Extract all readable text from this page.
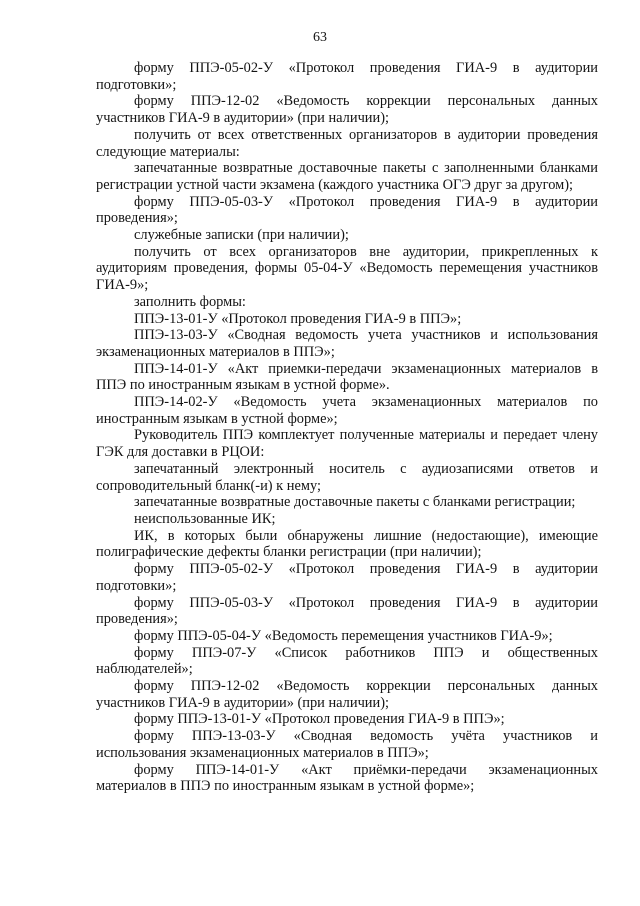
63

форму ППЭ-05-02-У «Протокол проведения ГИА-9 в аудитории подготовки»;

форму ППЭ-12-02 «Ведомость коррекции персональных данных участников ГИА-9 в аудитории» (при наличии);

получить от всех ответственных организаторов в аудитории проведения следующие материалы:

запечатанные возвратные доставочные пакеты с заполненными бланками регистрации устной части экзамена (каждого участника ОГЭ друг за другом);

форму ППЭ-05-03-У «Протокол проведения ГИА-9 в аудитории проведения»;

служебные записки (при наличии);

получить от всех организаторов вне аудитории, прикрепленных к аудиториям проведения, формы 05-04-У «Ведомость перемещения участников ГИА-9»;

заполнить формы:

ППЭ-13-01-У «Протокол проведения ГИА-9 в ППЭ»;

ППЭ-13-03-У «Сводная ведомость учета участников и использования экзаменационных материалов в ППЭ»;

ППЭ-14-01-У «Акт приемки-передачи экзаменационных материалов в ППЭ по иностранным языкам в устной форме».

ППЭ-14-02-У «Ведомость учета экзаменационных материалов по иностранным языкам в устной форме»;

Руководитель ППЭ комплектует полученные материалы и передает члену ГЭК для доставки в РЦОИ:

запечатанный электронный носитель с аудиозаписями ответов и сопроводительный бланк(-и) к нему;

запечатанные возвратные доставочные пакеты с бланками регистрации;

неиспользованные ИК;

ИК, в которых были обнаружены лишние (недостающие), имеющие полиграфические дефекты бланки регистрации (при наличии);

форму ППЭ-05-02-У «Протокол проведения ГИА-9 в аудитории подготовки»;

форму ППЭ-05-03-У «Протокол проведения ГИА-9 в аудитории проведения»;

форму ППЭ-05-04-У «Ведомость перемещения участников ГИА-9»;

форму ППЭ-07-У «Список работников ППЭ и общественных наблюдателей»;

форму ППЭ-12-02 «Ведомость коррекции персональных данных участников ГИА-9 в аудитории» (при наличии);

форму ППЭ-13-01-У «Протокол проведения ГИА-9 в ППЭ»;

форму ППЭ-13-03-У «Сводная ведомость учёта участников и использования экзаменационных материалов в ППЭ»;

форму ППЭ-14-01-У «Акт приёмки-передачи экзаменационных материалов в ППЭ по иностранным языкам в устной форме»;
